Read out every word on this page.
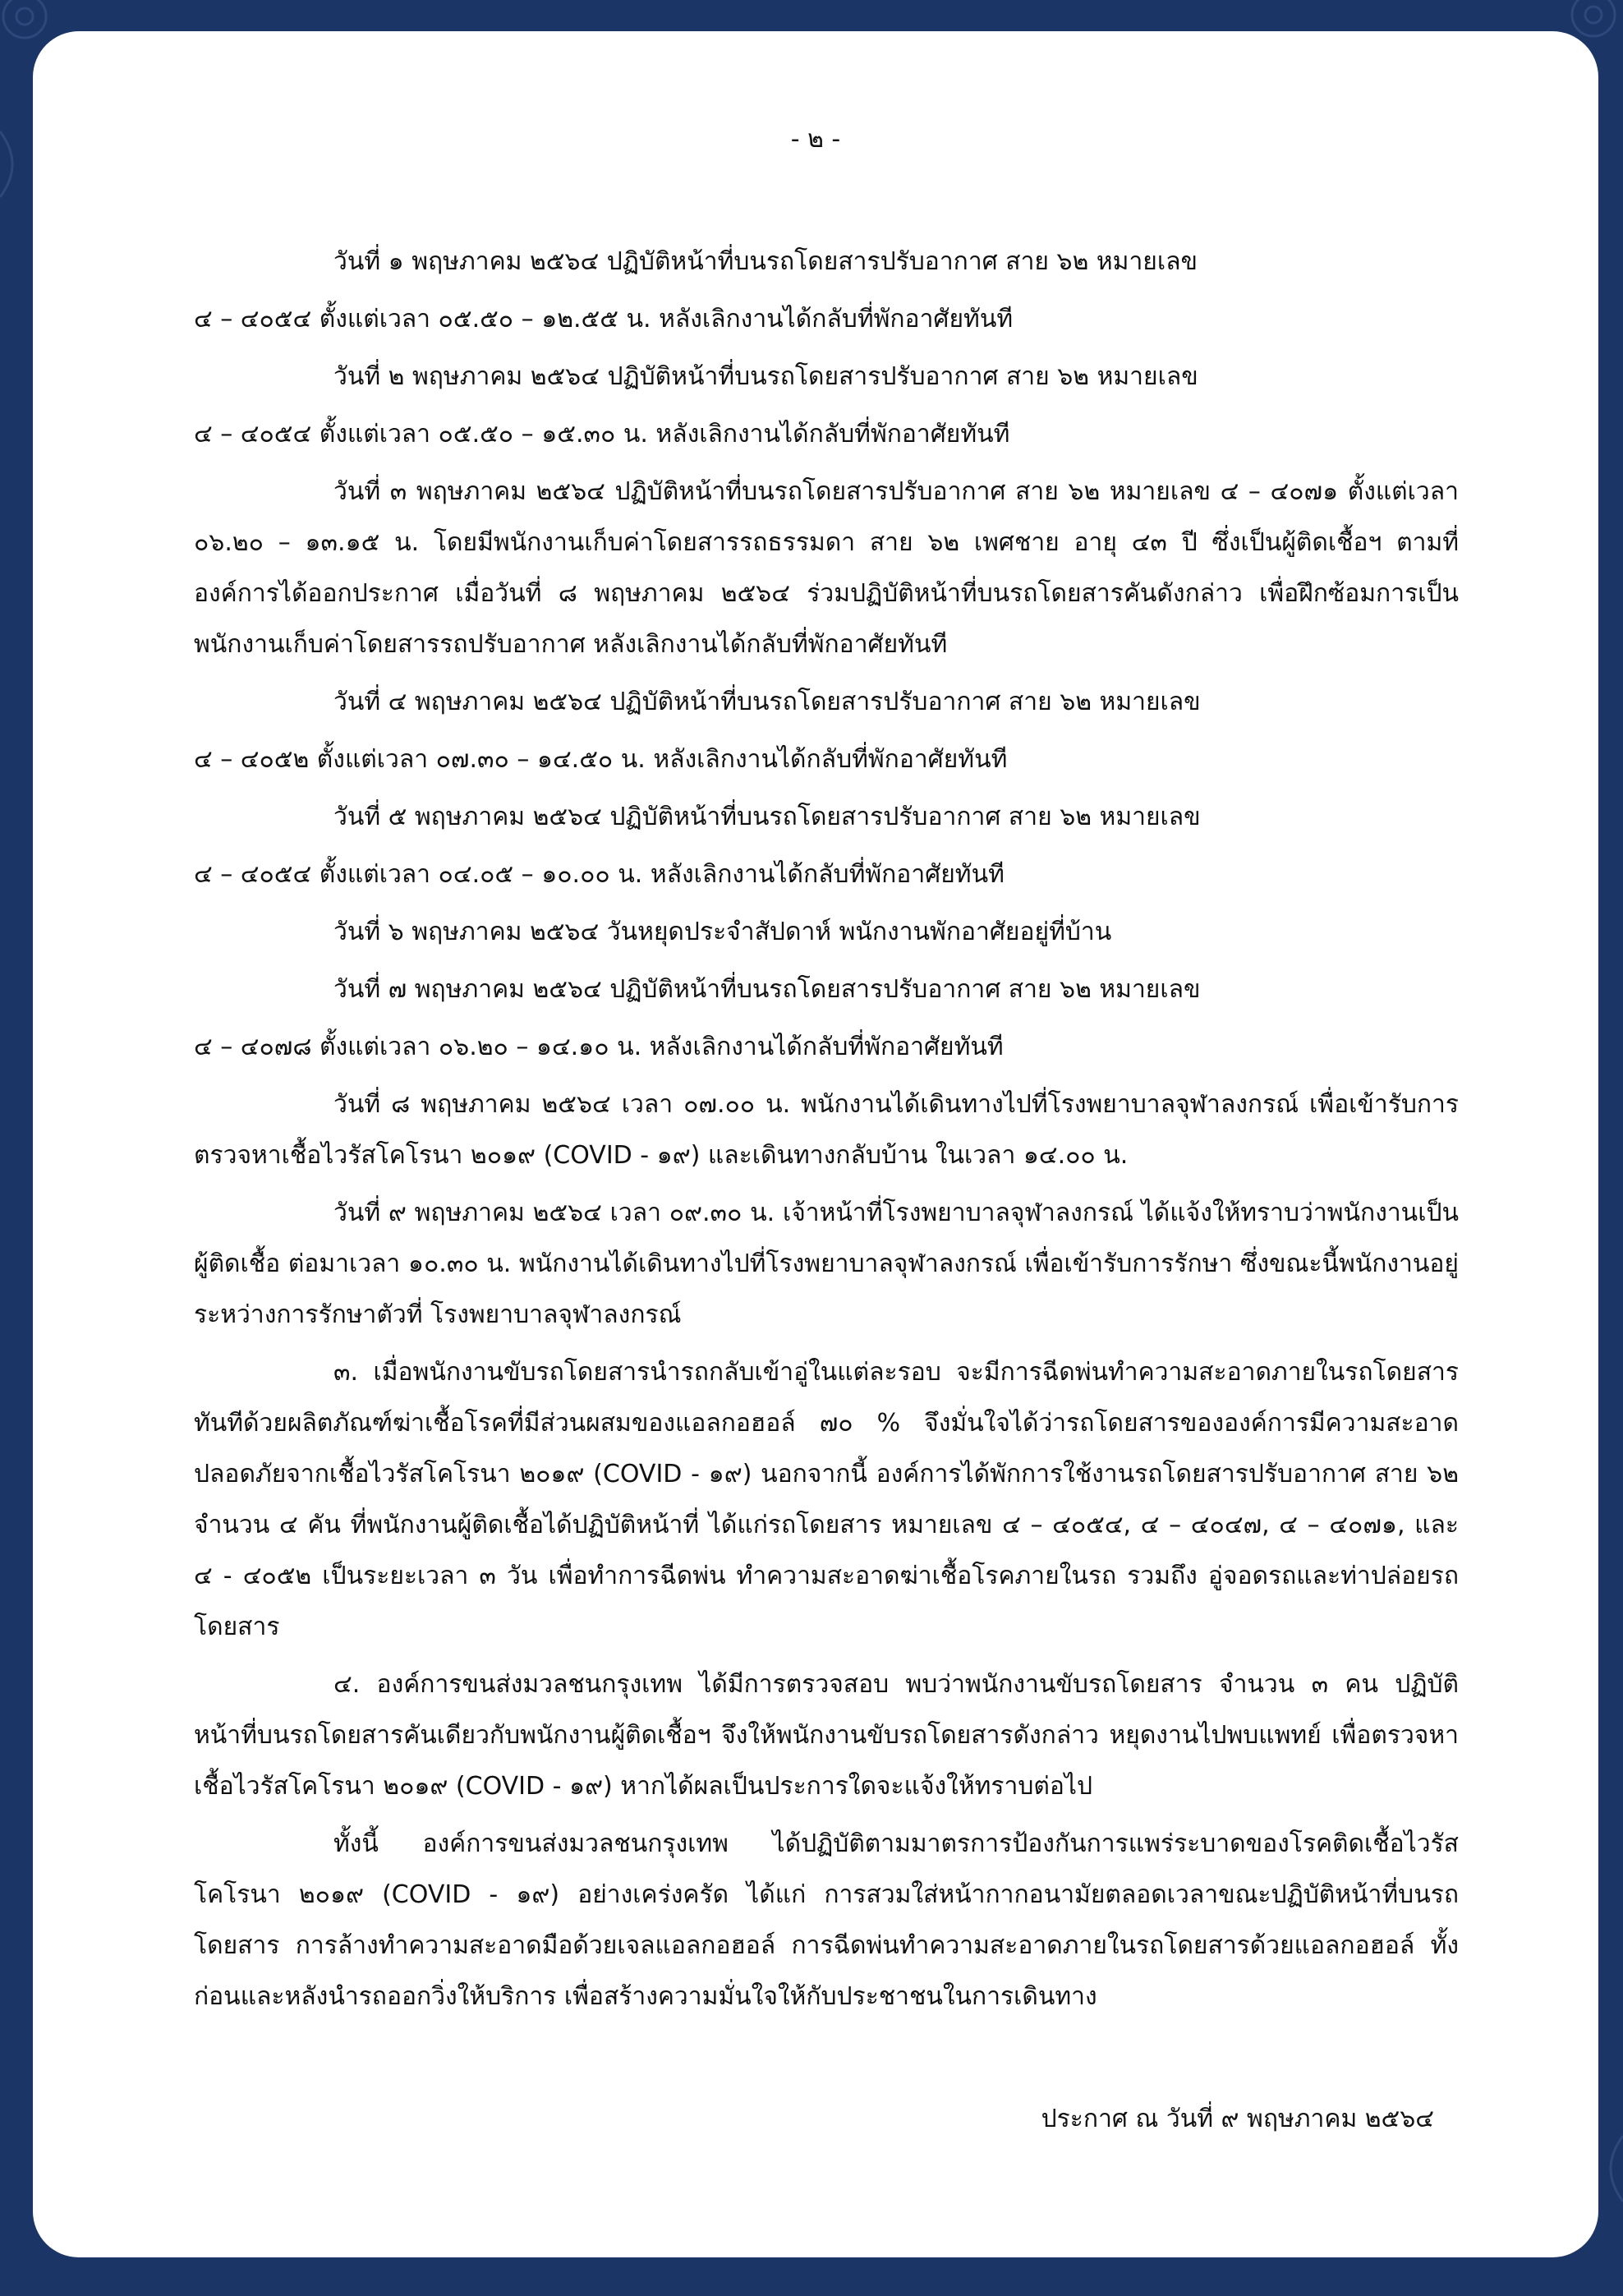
- ๒ -

วันที่ ๑ พฤษภาคม ๒๕๖๔ ปฏิบัติหน้าที่บนรถโดยสารปรับอากาศ สาย ๖๒ หมายเลข

๔ – ๔๐๕๔ ตั้งแต่เวลา ๐๕.๕๐ – ๑๒.๕๕ น. หลังเลิกงานได้กลับที่พักอาศัยทันที

วันที่ ๒ พฤษภาคม ๒๕๖๔ ปฏิบัติหน้าที่บนรถโดยสารปรับอากาศ สาย ๖๒ หมายเลข

๔ – ๔๐๕๔ ตั้งแต่เวลา ๐๕.๕๐ – ๑๕.๓๐ น. หลังเลิกงานได้กลับที่พักอาศัยทันที

วันที่ ๓ พฤษภาคม ๒๕๖๔ ปฏิบัติหน้าที่บนรถโดยสารปรับอากาศ สาย ๖๒ หมายเลข ๔ – ๔๐๗๑ ตั้งแต่เวลา ๐๖.๒๐ – ๑๓.๑๕ น. โดยมีพนักงานเก็บค่าโดยสารรถธรรมดา สาย ๖๒ เพศชาย อายุ ๔๓ ปี ซึ่งเป็นผู้ติดเชื้อฯ ตามที่องค์การได้ออกประกาศ เมื่อวันที่ ๘ พฤษภาคม ๒๕๖๔ ร่วมปฏิบัติหน้าที่บนรถโดยสารคันดังกล่าว เพื่อฝึกซ้อมการเป็นพนักงานเก็บค่าโดยสารรถปรับอากาศ หลังเลิกงานได้กลับที่พักอาศัยทันที

วันที่ ๔ พฤษภาคม ๒๕๖๔ ปฏิบัติหน้าที่บนรถโดยสารปรับอากาศ สาย ๖๒ หมายเลข

๔ – ๔๐๕๒ ตั้งแต่เวลา ๐๗.๓๐ – ๑๔.๕๐ น. หลังเลิกงานได้กลับที่พักอาศัยทันที

วันที่ ๕ พฤษภาคม ๒๕๖๔ ปฏิบัติหน้าที่บนรถโดยสารปรับอากาศ สาย ๖๒ หมายเลข

๔ – ๔๐๕๔ ตั้งแต่เวลา ๐๔.๐๕ – ๑๐.๐๐ น. หลังเลิกงานได้กลับที่พักอาศัยทันที

วันที่ ๖ พฤษภาคม ๒๕๖๔ วันหยุดประจำสัปดาห์ พนักงานพักอาศัยอยู่ที่บ้าน

วันที่ ๗ พฤษภาคม ๒๕๖๔ ปฏิบัติหน้าที่บนรถโดยสารปรับอากาศ สาย ๖๒ หมายเลข

๔ – ๔๐๗๘ ตั้งแต่เวลา ๐๖.๒๐ – ๑๔.๑๐ น. หลังเลิกงานได้กลับที่พักอาศัยทันที

วันที่ ๘ พฤษภาคม ๒๕๖๔ เวลา ๐๗.๐๐ น. พนักงานได้เดินทางไปที่โรงพยาบาลจุฬาลงกรณ์ เพื่อเข้ารับการตรวจหาเชื้อไวรัสโคโรนา ๒๐๑๙ (COVID - ๑๙) และเดินทางกลับบ้าน ในเวลา ๑๔.๐๐ น.

วันที่ ๙ พฤษภาคม ๒๕๖๔ เวลา ๐๙.๓๐ น. เจ้าหน้าที่โรงพยาบาลจุฬาลงกรณ์ ได้แจ้งให้ทราบว่าพนักงานเป็นผู้ติดเชื้อ ต่อมาเวลา ๑๐.๓๐ น. พนักงานได้เดินทางไปที่โรงพยาบาลจุฬาลงกรณ์ เพื่อเข้ารับการรักษา ซึ่งขณะนี้พนักงานอยู่ระหว่างการรักษาตัวที่ โรงพยาบาลจุฬาลงกรณ์

๓. เมื่อพนักงานขับรถโดยสารนำรถกลับเข้าอู่ในแต่ละรอบ จะมีการฉีดพ่นทำความสะอาดภายในรถโดยสารทันทีด้วยผลิตภัณฑ์ฆ่าเชื้อโรคที่มีส่วนผสมของแอลกอฮอล์ ๗๐ % จึงมั่นใจได้ว่ารถโดยสารขององค์การมีความสะอาด ปลอดภัยจากเชื้อไวรัสโคโรนา ๒๐๑๙ (COVID - ๑๙) นอกจากนี้ องค์การได้พักการใช้งานรถโดยสารปรับอากาศ สาย ๖๒ จำนวน ๔ คัน ที่พนักงานผู้ติดเชื้อได้ปฏิบัติหน้าที่ ได้แก่รถโดยสาร หมายเลข ๔ – ๔๐๕๔, ๔ – ๔๐๔๗, ๔ – ๔๐๗๑, และ ๔ - ๔๐๕๒ เป็นระยะเวลา ๓ วัน เพื่อทำการฉีดพ่น ทำความสะอาดฆ่าเชื้อโรคภายในรถ รวมถึง อู่จอดรถและท่าปล่อยรถโดยสาร

๔. องค์การขนส่งมวลชนกรุงเทพ ได้มีการตรวจสอบ พบว่าพนักงานขับรถโดยสาร จำนวน ๓ คน ปฏิบัติหน้าที่บนรถโดยสารคันเดียวกับพนักงานผู้ติดเชื้อฯ จึงให้พนักงานขับรถโดยสารดังกล่าว หยุดงานไปพบแพทย์ เพื่อตรวจหาเชื้อไวรัสโคโรนา ๒๐๑๙ (COVID - ๑๙) หากได้ผลเป็นประการใดจะแจ้งให้ทราบต่อไป

ทั้งนี้ องค์การขนส่งมวลชนกรุงเทพ ได้ปฏิบัติตามมาตรการป้องกันการแพร่ระบาดของโรคติดเชื้อไวรัสโคโรนา ๒๐๑๙ (COVID - ๑๙) อย่างเคร่งครัด ได้แก่ การสวมใส่หน้ากากอนามัยตลอดเวลาขณะปฏิบัติหน้าที่บนรถโดยสาร การล้างทำความสะอาดมือด้วยเจลแอลกอฮอล์ การฉีดพ่นทำความสะอาดภายในรถโดยสารด้วยแอลกอฮอล์ ทั้งก่อนและหลังนำรถออกวิ่งให้บริการ เพื่อสร้างความมั่นใจให้กับประชาชนในการเดินทาง

ประกาศ ณ วันที่ ๙ พฤษภาคม ๒๕๖๔
